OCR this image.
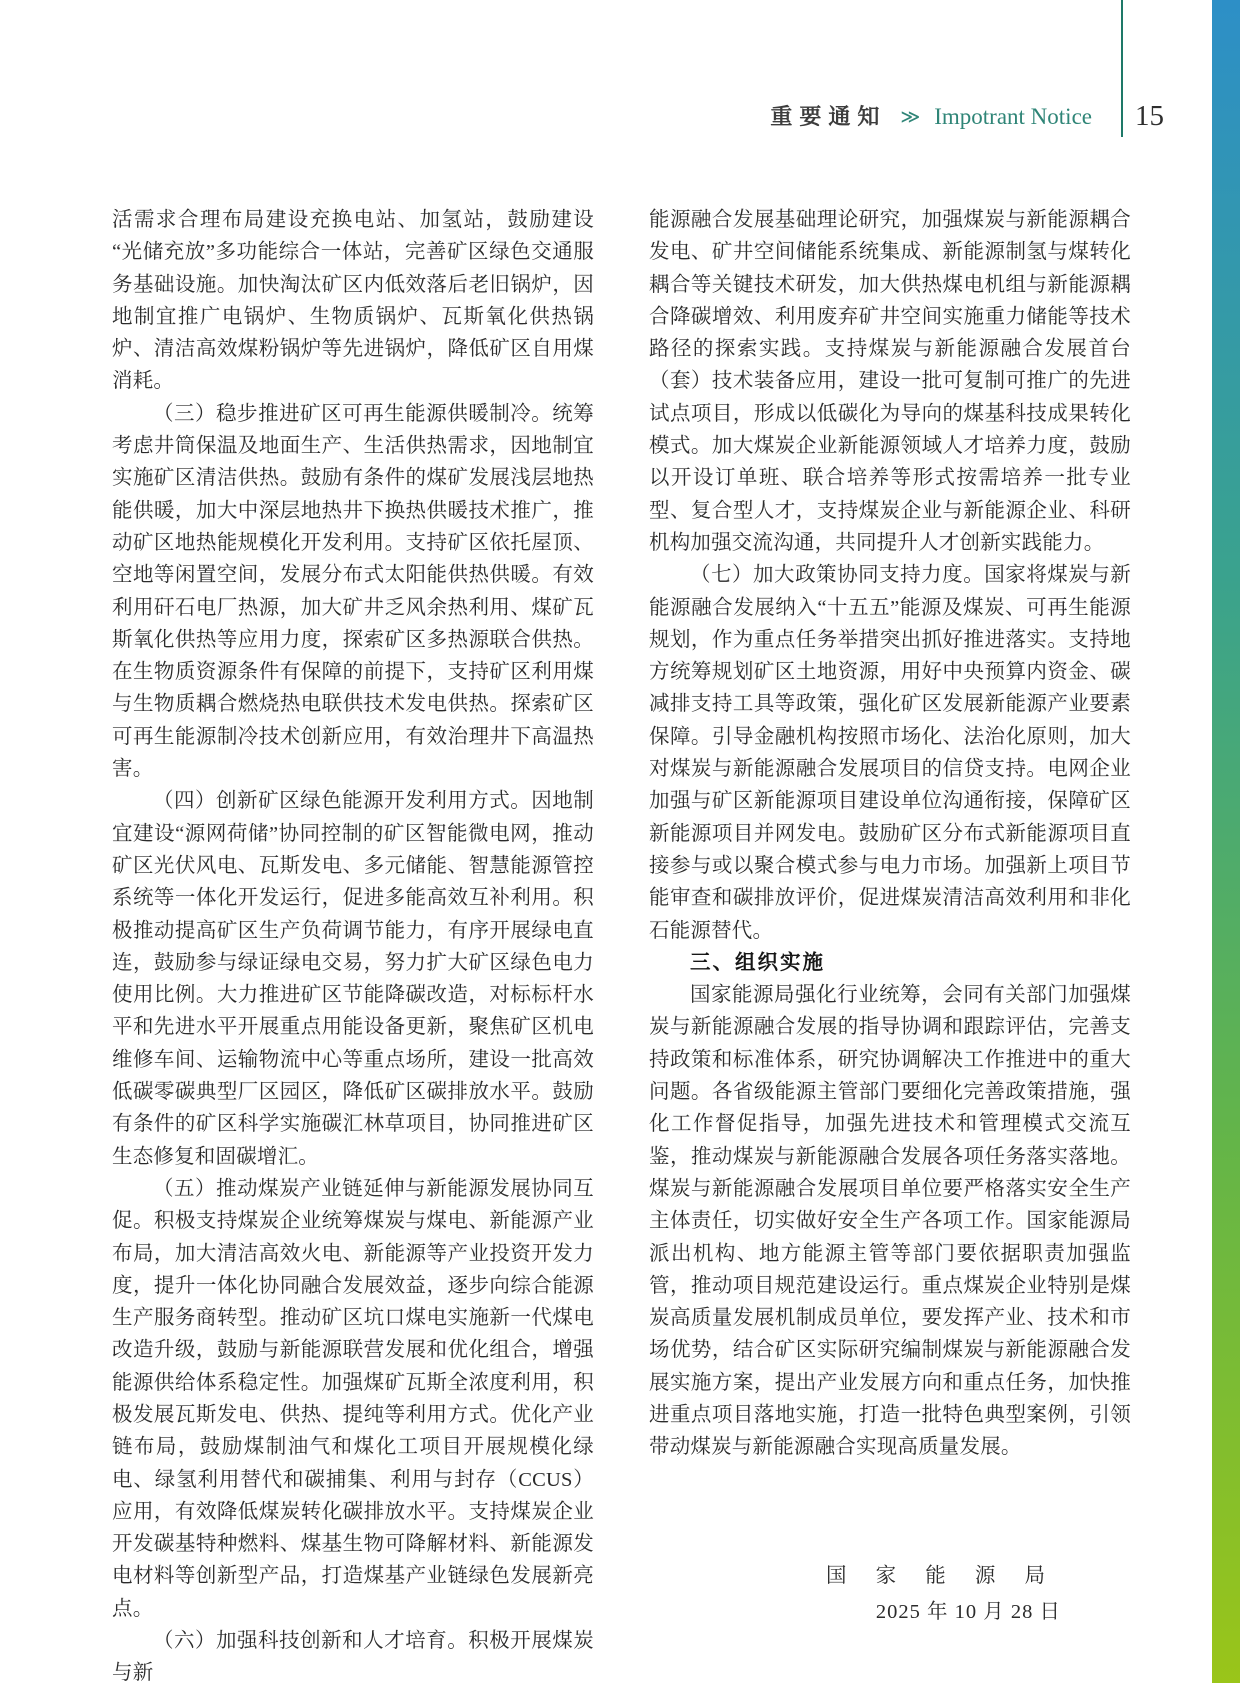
重要通知 ≫ Impotrant Notice 15

活需求合理布局建设充换电站、加氢站，鼓励建设“光储充放”多功能综合一体站，完善矿区绿色交通服务基础设施。加快淘汰矿区内低效落后老旧锅炉，因地制宜推广电锅炉、生物质锅炉、瓦斯氧化供热锅炉、清洁高效煤粉锅炉等先进锅炉，降低矿区自用煤消耗。

（三）稳步推进矿区可再生能源供暖制冷。统筹考虑井筒保温及地面生产、生活供热需求，因地制宜实施矿区清洁供热。鼓励有条件的煤矿发展浅层地热能供暖，加大中深层地热井下换热供暖技术推广，推动矿区地热能规模化开发利用。支持矿区依托屋顶、空地等闲置空间，发展分布式太阳能供热供暖。有效利用矸石电厂热源，加大矿井乏风余热利用、煤矿瓦斯氧化供热等应用力度，探索矿区多热源联合供热。在生物质资源条件有保障的前提下，支持矿区利用煤与生物质耦合燃烧热电联供技术发电供热。探索矿区可再生能源制冷技术创新应用，有效治理井下高温热害。

（四）创新矿区绿色能源开发利用方式。因地制宜建设“源网荷储”协同控制的矿区智能微电网，推动矿区光伏风电、瓦斯发电、多元储能、智慧能源管控系统等一体化开发运行，促进多能高效互补利用。积极推动提高矿区生产负荷调节能力，有序开展绿电直连，鼓励参与绿证绿电交易，努力扩大矿区绿色电力使用比例。大力推进矿区节能降碳改造，对标标杆水平和先进水平开展重点用能设备更新，聚焦矿区机电维修车间、运输物流中心等重点场所，建设一批高效低碳零碳典型厂区园区，降低矿区碳排放水平。鼓励有条件的矿区科学实施碳汇林草项目，协同推进矿区生态修复和固碳增汇。

（五）推动煤炭产业链延伸与新能源发展协同互促。积极支持煤炭企业统筹煤炭与煤电、新能源产业布局，加大清洁高效火电、新能源等产业投资开发力度，提升一体化协同融合发展效益，逐步向综合能源生产服务商转型。推动矿区坑口煤电实施新一代煤电改造升级，鼓励与新能源联营发展和优化组合，增强能源供给体系稳定性。加强煤矿瓦斯全浓度利用，积极发展瓦斯发电、供热、提纯等利用方式。优化产业链布局，鼓励煤制油气和煤化工项目开展规模化绿电、绿氢利用替代和碳捕集、利用与封存（CCUS）应用，有效降低煤炭转化碳排放水平。支持煤炭企业开发碳基特种燃料、煤基生物可降解材料、新能源发电材料等创新型产品，打造煤基产业链绿色发展新亮点。

（六）加强科技创新和人才培育。积极开展煤炭与新

能源融合发展基础理论研究，加强煤炭与新能源耦合发电、矿井空间储能系统集成、新能源制氢与煤转化耦合等关键技术研发，加大供热煤电机组与新能源耦合降碳增效、利用废弃矿井空间实施重力储能等技术路径的探索实践。支持煤炭与新能源融合发展首台（套）技术装备应用，建设一批可复制可推广的先进试点项目，形成以低碳化为导向的煤基科技成果转化模式。加大煤炭企业新能源领域人才培养力度，鼓励以开设订单班、联合培养等形式按需培养一批专业型、复合型人才，支持煤炭企业与新能源企业、科研机构加强交流沟通，共同提升人才创新实践能力。

（七）加大政策协同支持力度。国家将煤炭与新能源融合发展纳入“十五五”能源及煤炭、可再生能源规划，作为重点任务举措突出抓好推进落实。支持地方统筹规划矿区土地资源，用好中央预算内资金、碳减排支持工具等政策，强化矿区发展新能源产业要素保障。引导金融机构按照市场化、法治化原则，加大对煤炭与新能源融合发展项目的信贷支持。电网企业加强与矿区新能源项目建设单位沟通衔接，保障矿区新能源项目并网发电。鼓励矿区分布式新能源项目直接参与或以聚合模式参与电力市场。加强新上项目节能审查和碳排放评价，促进煤炭清洁高效利用和非化石能源替代。

三、组织实施

国家能源局强化行业统筹，会同有关部门加强煤炭与新能源融合发展的指导协调和跟踪评估，完善支持政策和标准体系，研究协调解决工作推进中的重大问题。各省级能源主管部门要细化完善政策措施，强化工作督促指导，加强先进技术和管理模式交流互鉴，推动煤炭与新能源融合发展各项任务落实落地。煤炭与新能源融合发展项目单位要严格落实安全生产主体责任，切实做好安全生产各项工作。国家能源局派出机构、地方能源主管等部门要依据职责加强监管，推动项目规范建设运行。重点煤炭企业特别是煤炭高质量发展机制成员单位，要发挥产业、技术和市场优势，结合矿区实际研究编制煤炭与新能源融合发展实施方案，提出产业发展方向和重点任务，加快推进重点项目落地实施，打造一批特色典型案例，引领带动煤炭与新能源融合实现高质量发展。

国 家 能 源 局
2025 年 10 月 28 日
